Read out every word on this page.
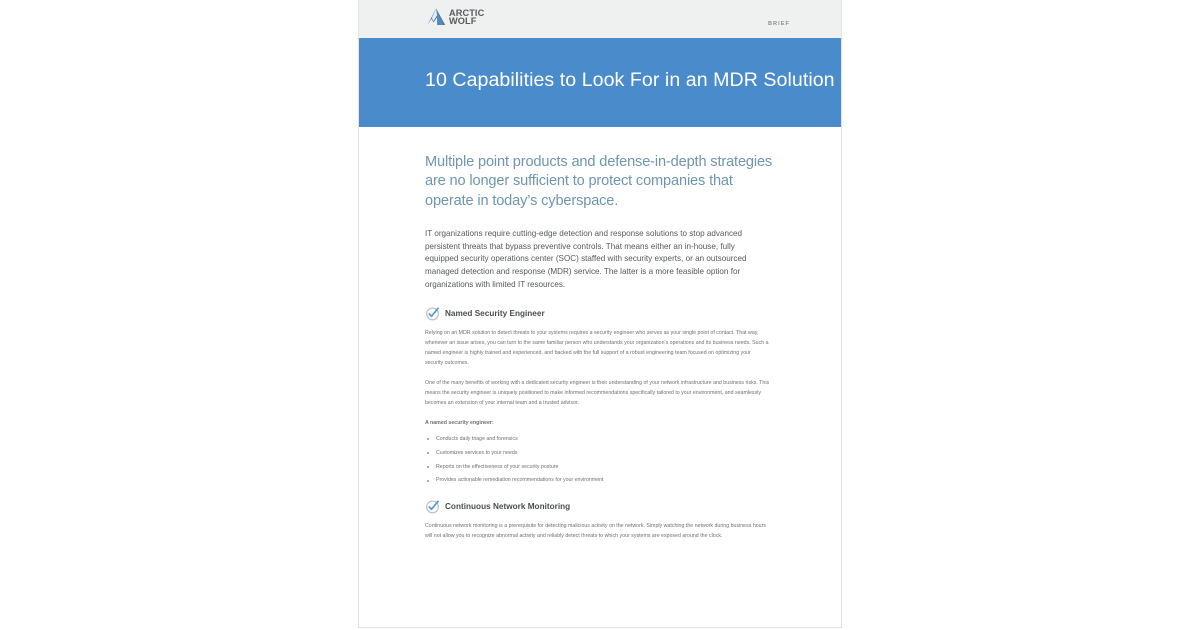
ARCTIC
WOLF	BRIEF
10 Capabilities to Look For in an MDR Solution
Multiple point products and defense-in-depth strategies are no longer sufficient to protect companies that operate in today’s cyberspace.

IT organizations require cutting-edge detection and response solutions to stop advanced persistent threats that bypass preventive controls. That means either an in-house, fully equipped security operations center (SOC) staffed with security experts, or an outsourced managed detection and response (MDR) service. The latter is a more feasible option for organizations with limited IT resources.

Named Security Engineer
Relying on an MDR solution to detect threats to your systems requires a security engineer who serves as your single point of contact. That way, whenever an issue arises, you can turn to the same familiar person who understands your organization’s operations and its business needs. Such a named engineer is highly trained and experienced, and backed with the full support of a robust engineering team focused on optimizing your security outcomes.
One of the many benefits of working with a dedicated security engineer is their understanding of your network infrastructure and business risks. This means the security engineer is uniquely positioned to make informed recommendations specifically tailored to your environment, and seamlessly becomes an extension of your internal team and a trusted advisor.
A named security engineer:
Conducts daily triage and forensics
Customizes services to your needs
Reports on the effectiveness of your security posture
Provides actionable remediation recommendations for your environment
Continuous Network Monitoring
Continuous network monitoring is a prerequisite for detecting malicious activity on the network. Simply watching the network during business hours will not allow you to recognize abnormal activity and reliably detect threats to which your systems are exposed around the clock.
